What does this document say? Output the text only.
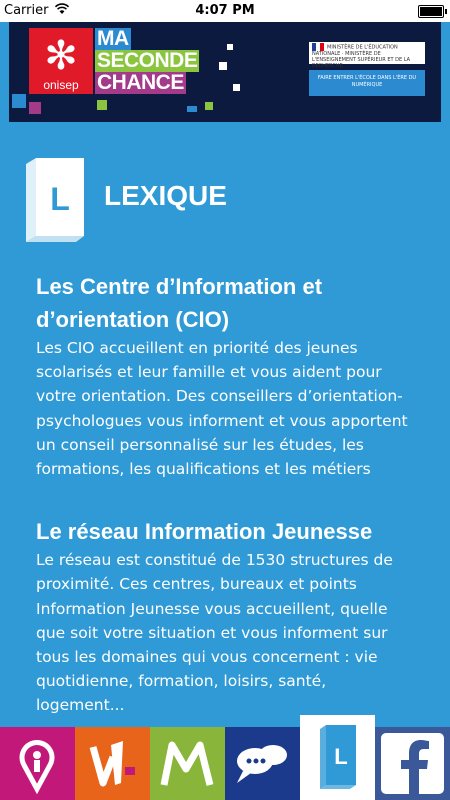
Carrier	4:07 PM
✻
onisep
MA
SECONDE
CHANCE
MINISTÈRE DE L'ÉDUCATION NATIONALE · MINISTÈRE DE L'ENSEIGNEMENT SUPÉRIEUR ET DE LA RECHERCHE
FAIRE ENTRER L'ÉCOLE DANS L'ÈRE DU NUMÉRIQUE
L LEXIQUE
Les Centre d’Information et d’orientation (CIO)

Les CIO accueillent en priorité des jeunes scolarisés et leur famille et vous aident pour votre orientation. Des conseillers d’orientation-psychologues vous informent et vous apportent un conseil personnalisé sur les études, les formations, les qualifications et les métiers

Le réseau Information Jeunesse

Le réseau est constitué de 1530 structures de proximité. Ces centres, bureaux et points Information Jeunesse vous accueillent, quelle que soit votre situation et vous informent sur tous les domaines qui vous concernent : vie quotidienne, formation, loisirs, santé, logement...

L
